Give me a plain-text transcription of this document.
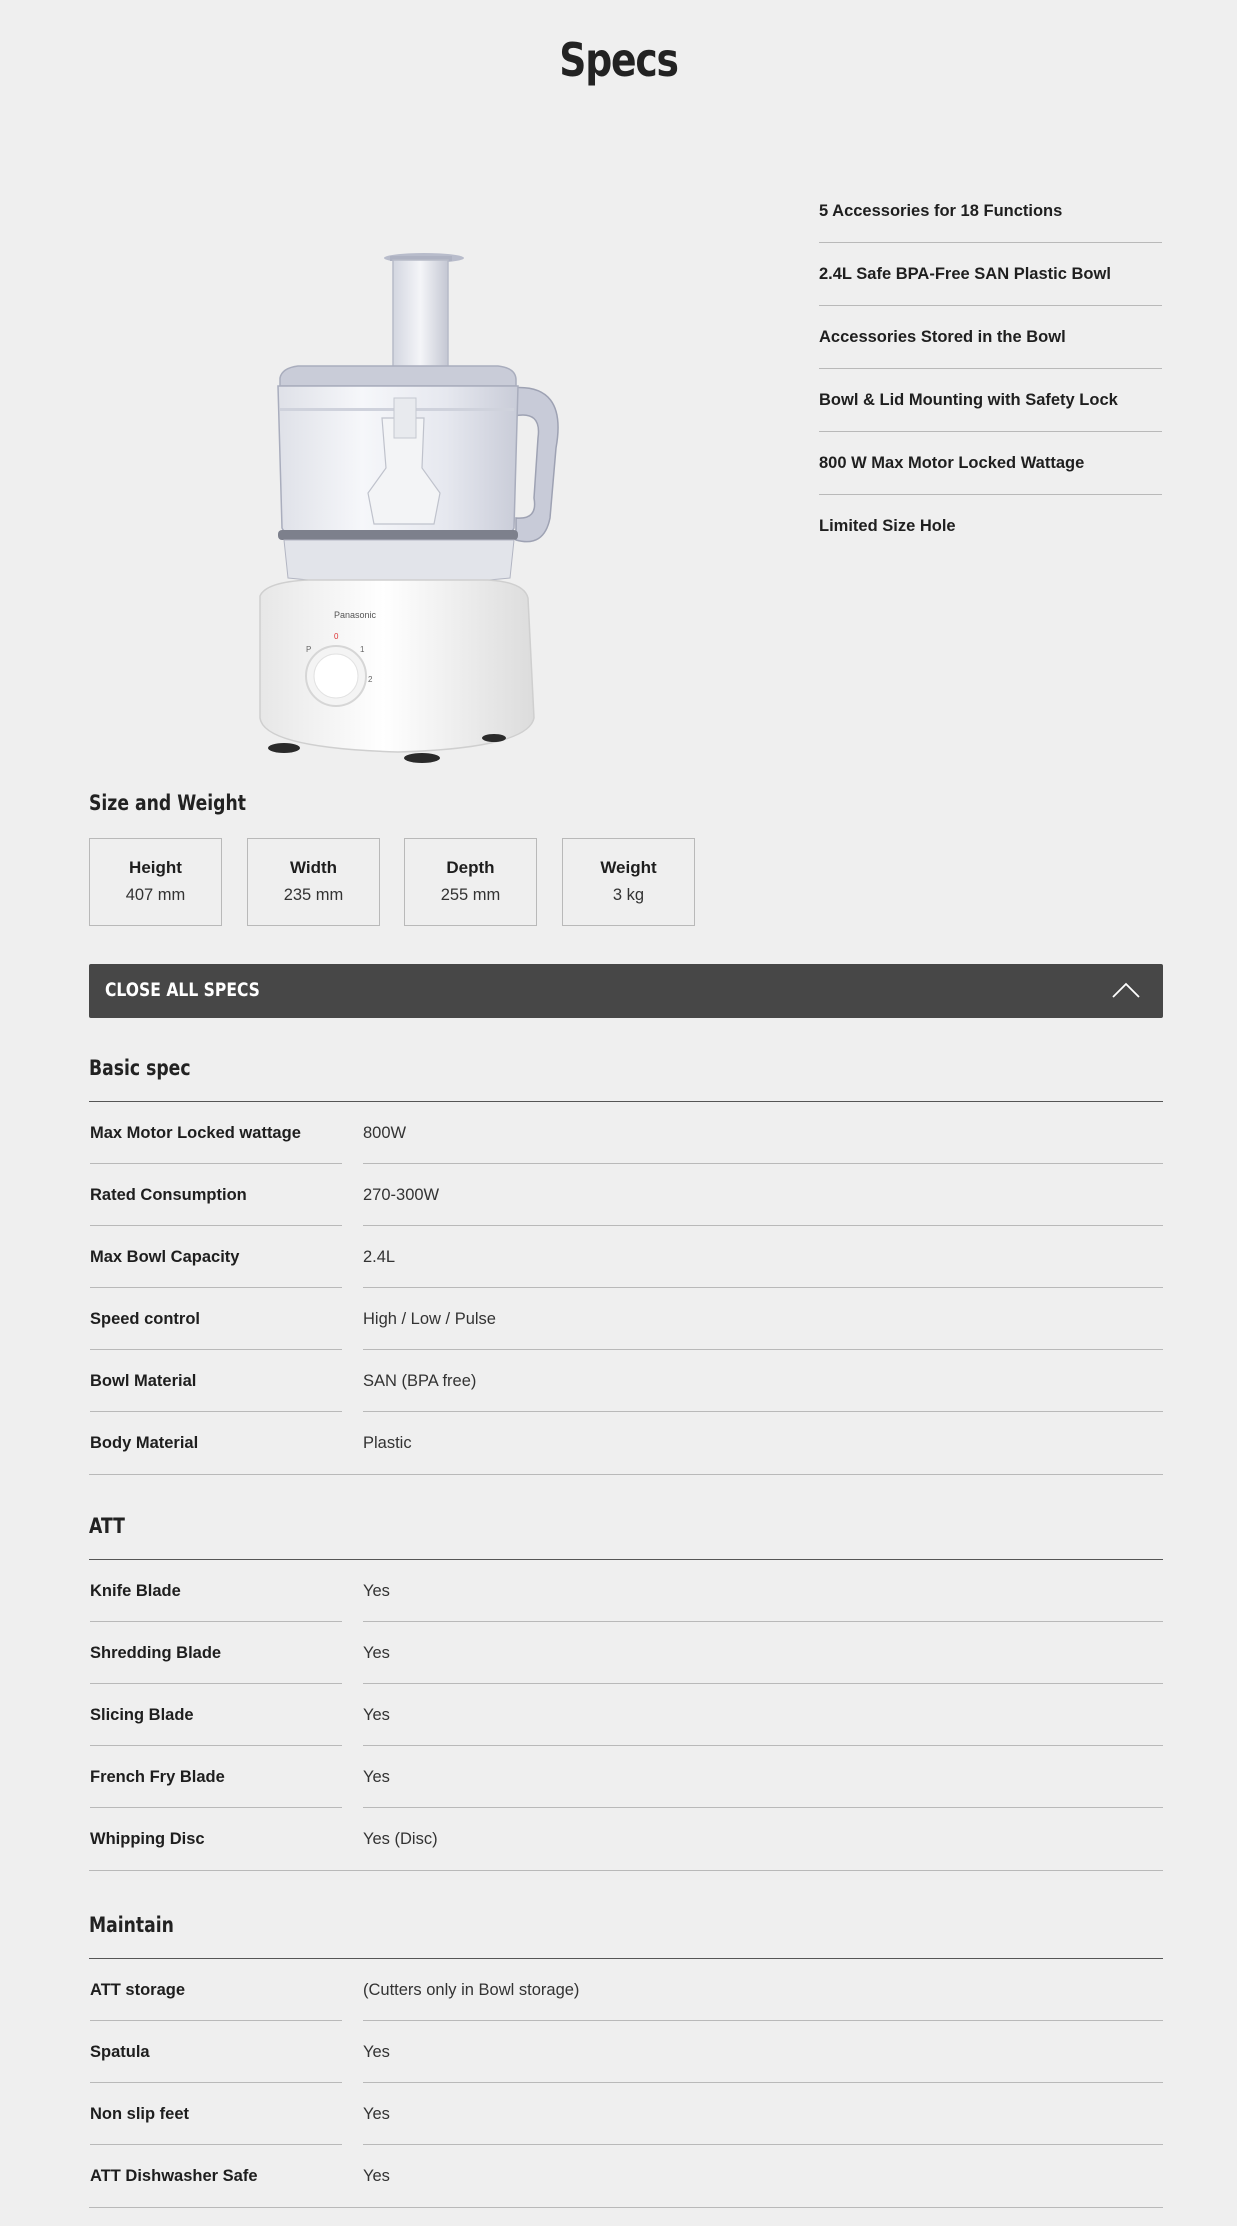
Specs
Panasonic
0
P	1
2
5 Accessories for 18 Functions
2.4L Safe BPA-Free SAN Plastic Bowl
Accessories Stored in the Bowl
Bowl & Lid Mounting with Safety Lock
800 W Max Motor Locked Wattage
Limited Size Hole
Size and Weight
Height
407 mm
Width
235 mm
Depth
255 mm
Weight
3 kg
CLOSE ALL SPECS
Basic spec
Max Motor Locked wattage	800W
Rated Consumption	270-300W
Max Bowl Capacity	2.4L
Speed control	High / Low / Pulse
Bowl Material	SAN (BPA free)
Body Material	Plastic
ATT
Knife Blade	Yes
Shredding Blade	Yes
Slicing Blade	Yes
French Fry Blade	Yes
Whipping Disc	Yes (Disc)
Maintain
ATT storage	(Cutters only in Bowl storage)
Spatula	Yes
Non slip feet	Yes
ATT Dishwasher Safe	Yes
